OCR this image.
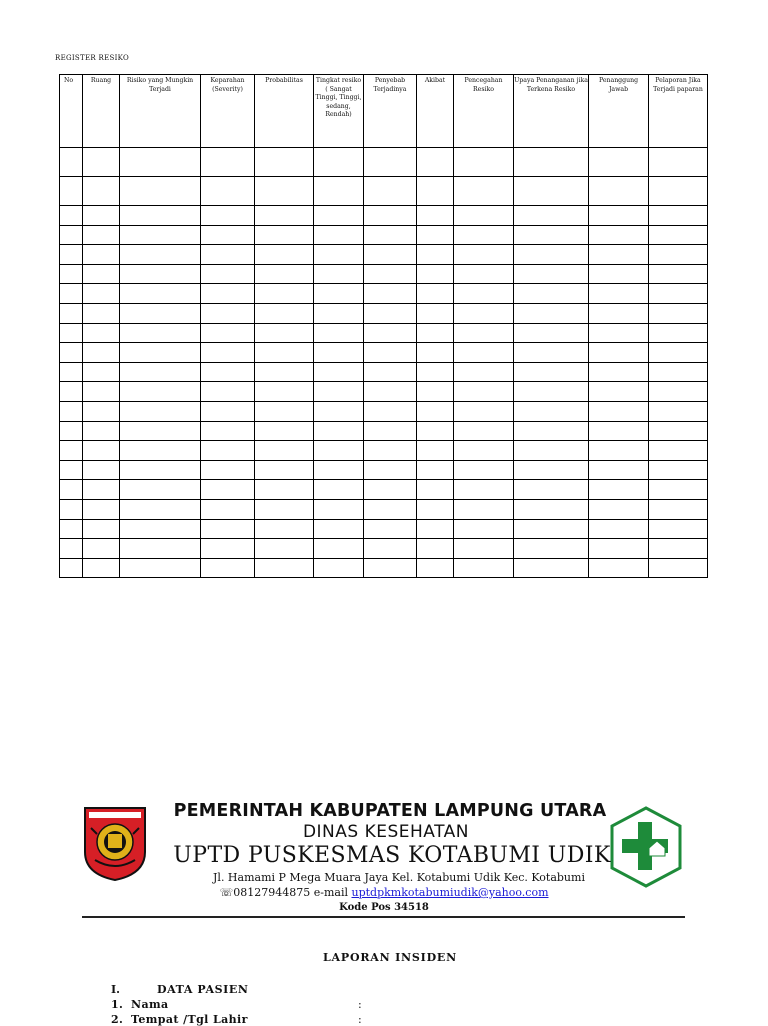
REGISTER RESIKO
No	Ruang	Risiko yang Mungkin Terjadi	Keparahan (Severity)	Probabilitas	Tingkat resiko ( Sangat Tinggi, Tinggi, sedang, Rendah)	Penyebab Terjadinya	Akibat	Pencegahan Resiko	Upaya Penanganan jika Terkena Resiko	Penanggung Jawab	Pelaporan Jika Terjadi paparan

PEMERINTAH KABUPATEN LAMPUNG UTARA
DINAS KESEHATAN
UPTD PUSKESMAS KOTABUMI UDIK
Jl. Hamami P Mega Muara Jaya Kel. Kotabumi Udik Kec. Kotabumi
☏08127944875 e-mail uptdpkmkotabumiudik@yahoo.com
Kode Pos 34518
LAPORAN INSIDEN
I.	DATA PASIEN
1. Nama	:
2. Tempat /Tgl Lahir	:
